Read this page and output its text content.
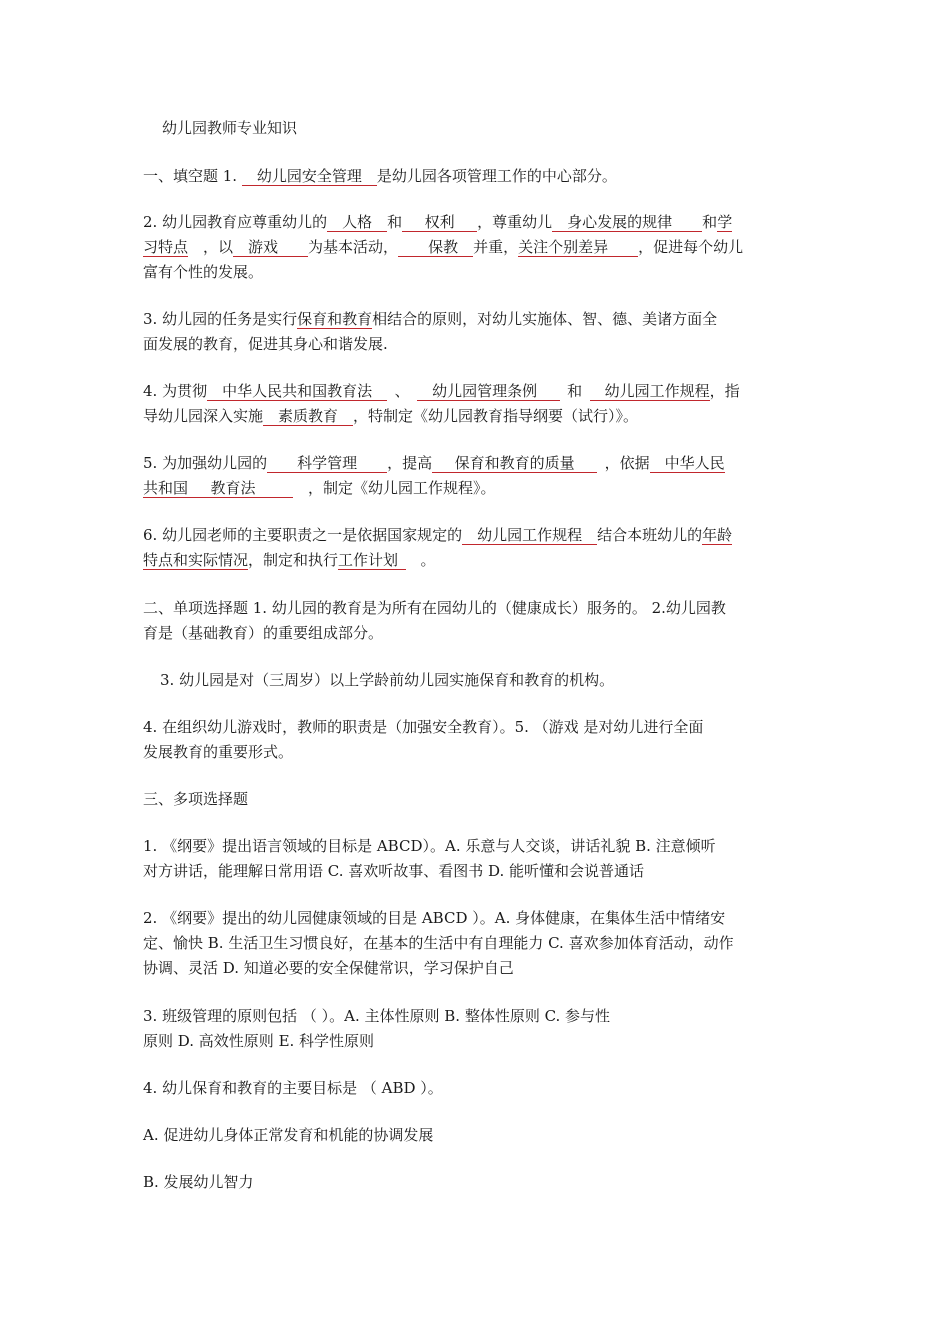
幼儿园教师专业知识
一、填空题 1.    幼儿园安全管理   是幼儿园各项管理工作的中心部分。
2. 幼儿园教育应尊重幼儿的   人格   和    权利    ，尊重幼儿   身心发展的规律     和学
习特点   ，以   游戏     为基本活动，     保教   并重，关注个别差异     ，促进每个幼儿
富有个性的发展。
3. 幼儿园的任务是实行保育和教育相结合的原则，对幼儿实施体、智、德、美诸方面全
面发展的教育，促进其身心和谐发展.
4. 为贯彻   中华人民共和国教育法    、    幼儿园管理条例     和    幼儿园工作规程，指
导幼儿园深入实施   素质教育   ，特制定《幼儿园教育指导纲要（试行）》。
5. 为加强幼儿园的     科学管理     ，提高    保育和教育的质量     ，依据   中华人民
共和国    教育法       	，制定《幼儿园工作规程》。
6. 幼儿园老师的主要职责之一是依据国家规定的   幼儿园工作规程   结合本班幼儿的年龄
特点和实际情况，制定和执行工作计划    。
二、单项选择题 1. 幼儿园的教育是为所有在园幼儿的（健康成长）服务的。 2.幼儿园教
育是（基础教育）的重要组成部分。
3. 幼儿园是对（三周岁）以上学龄前幼儿园实施保育和教育的机构。
4. 在组织幼儿游戏时，教师的职责是（加强安全教育）。5. （游戏 是对幼儿进行全面
发展教育的重要形式。
三、多项选择题
1. 《纲要》提出语言领域的目标是 ABCD）。A. 乐意与人交谈，讲话礼貌 B. 注意倾听
对方讲话，能理解日常用语 C. 喜欢听故事、看图书 D. 能听懂和会说普通话
2. 《纲要》提出的幼儿园健康领域的目是 ABCD ）。A. 身体健康，在集体生活中情绪安
定、愉快 B. 生活卫生习惯良好，在基本的生活中有自理能力 C. 喜欢参加体育活动，动作
协调、灵活 D. 知道必要的安全保健常识，学习保护自己
3. 班级管理的原则包括 （ ）。A. 主体性原则 B. 整体性原则 C. 参与性
原则 D. 高效性原则 E. 科学性原则
4. 幼儿保育和教育的主要目标是 （ ABD ）。
A. 促进幼儿身体正常发育和机能的协调发展
B. 发展幼儿智力
